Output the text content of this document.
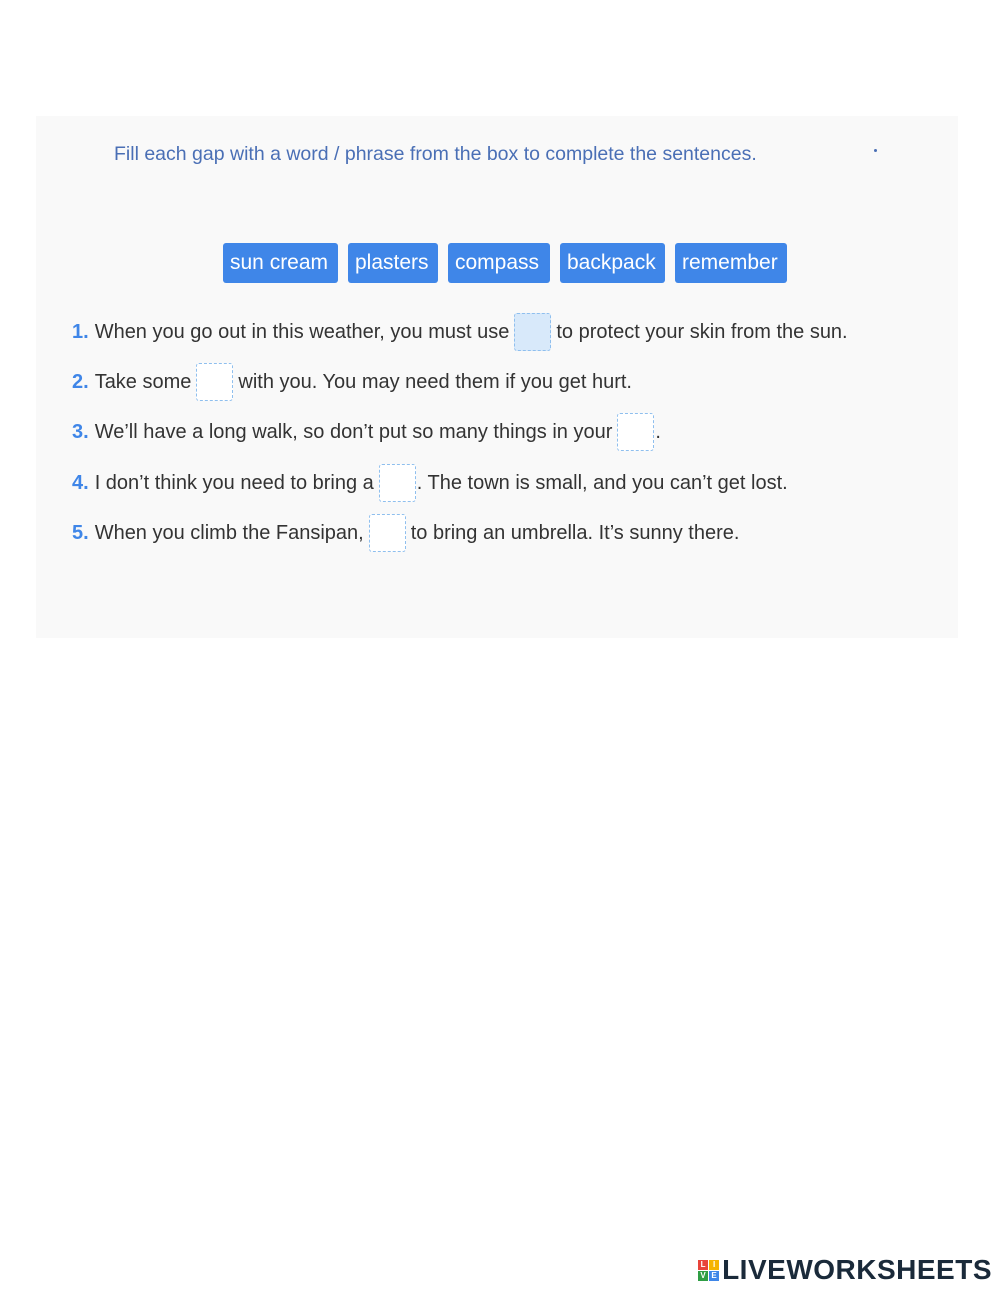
Fill each gap with a word / phrase from the box to complete the sentences.
sun cream	plasters	compass	backpack	remember
1. When you go out in this weather, you must use to protect your skin from the sun.
2. Take some with you. You may need them if you get hurt.
3. We’ll have a long walk, so don’t put so many things in your .
4. I don’t think you need to bring a . The town is small, and you can’t get lost.
5. When you climb the Fansipan, to bring an umbrella. It’s sunny there.
L I
V E LIVEWORKSHEETS
